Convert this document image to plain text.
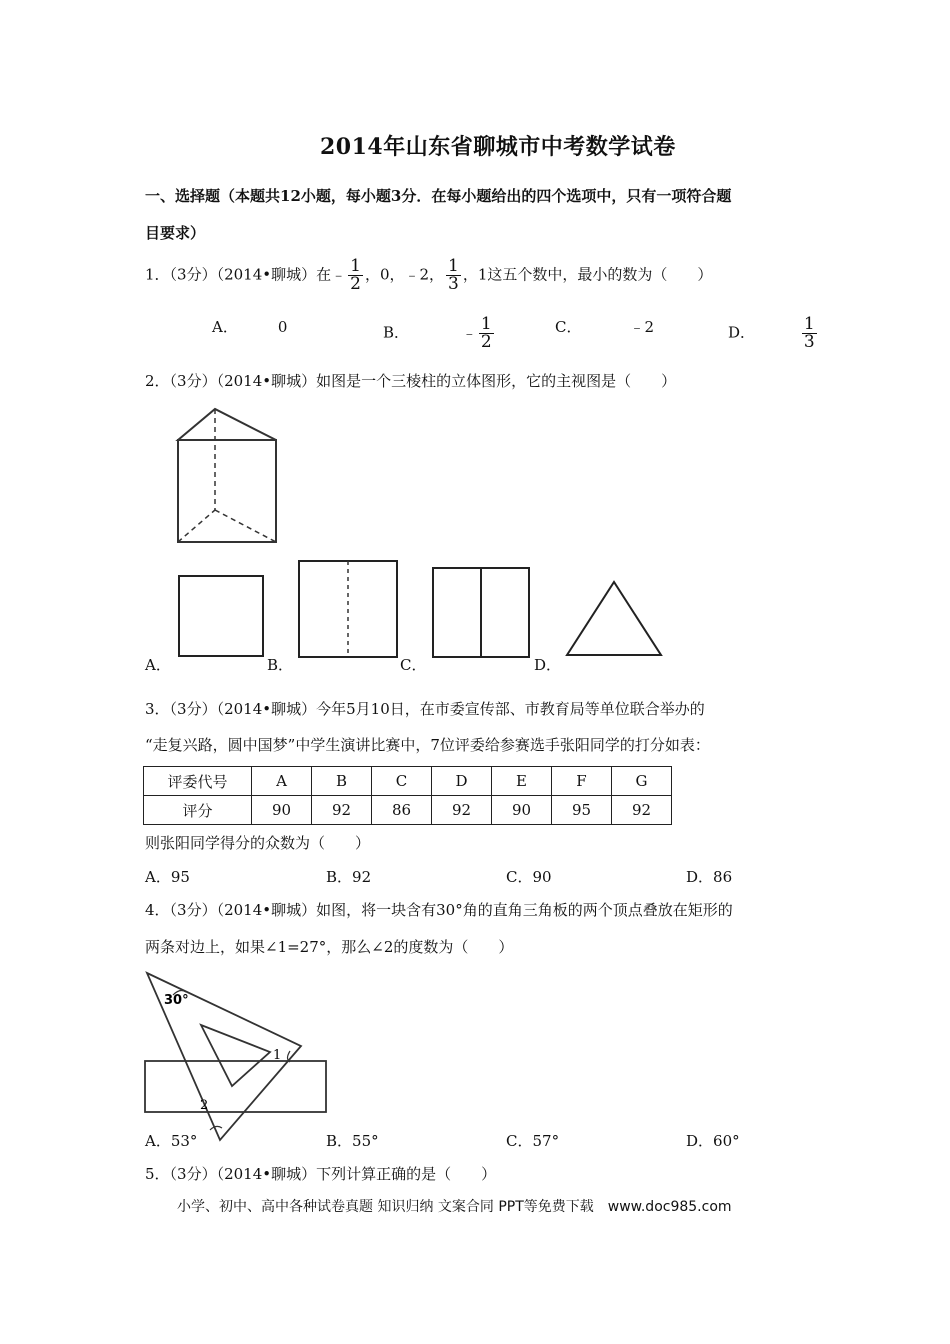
2014年山东省聊城市中考数学试卷
一、选择题（本题共12小题，每小题3分．在每小题给出的四个选项中，只有一项符合题
目要求）
1．（3分）（2014•聊城）在﹣ $\frac{1}{2}$ ，0，﹣2， $\frac{1}{3}$ ，1这五个数中，最小的数为（　　）
A．	0	B．	﹣ $\frac{1}{2}$	C．	﹣2	D．	$\frac{1}{3}$
2．（3分）（2014•聊城）如图是一个三棱柱的立体图形，它的主视图是（　　）
A．	B．	C．	D．
3．（3分）（2014•聊城）今年5月10日，在市委宣传部、市教育局等单位联合举办的
“走复兴路，圆中国梦”中学生演讲比赛中，7位评委给参赛选手张阳同学的打分如表：
评委代号	A	B	C	D	E	F	G
评分	90	92	86	92	90	95	92
则张阳同学得分的众数为（　　）
A．95	B．92	C．90	D．86
4．（3分）（2014•聊城）如图，将一块含有30°角的直角三角板的两个顶点叠放在矩形的
两条对边上，如果∠1=27°，那么∠2的度数为（　　）
30°
1
2
A．53°	B．55°	C．57°	D．60°
5．（3分）（2014•聊城）下列计算正确的是（　　）
小学、初中、高中各种试卷真题 知识归纳 文案合同 PPT等免费下载　www.doc985.com
